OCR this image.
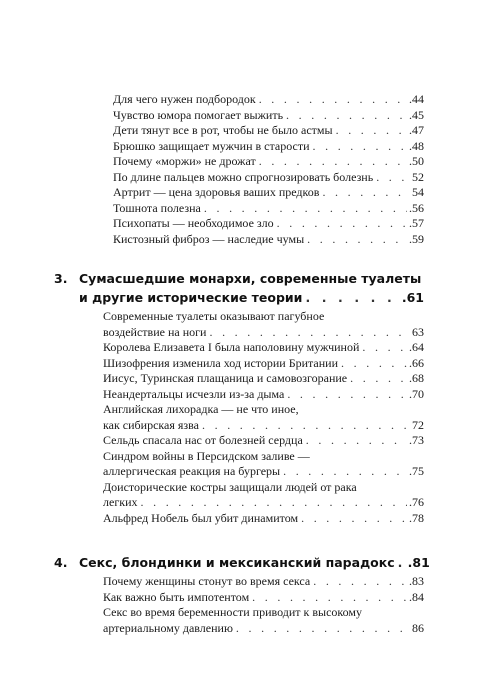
Для чего нужен подбородок . . .	.44
Чувство юмора помогает выжить . . .	.45
Дети тянут все в рот, чтобы не было астмы . . .	.47
Брюшко защищает мужчин в старости . . .	.48
Почему «моржи» не дрожат . . .	.50
По длине пальцев можно спрогнозировать болезнь . . .	52
Артрит — цена здоровья ваших предков . . .	54
Тошнота полезна . . .	.56
Психопаты — необходимое зло . . .	.57
Кистозный фиброз — наследие чумы . . .	.59
3. Сумасшедшие монархи, современные туалеты
и другие исторические теории . . .	.61
Современные туалеты оказывают пагубное
воздействие на ноги . . .	63
Королева Елизавета I была наполовину мужчиной . . .	.64
Шизофрения изменила ход истории Британии . . .	.66
Иисус, Туринская плащаница и самовозгорание . . .	.68
Неандертальцы исчезли из-за дыма . . .	.70
Английская лихорадка — не что иное,
как сибирская язва . . .	72
Сельдь спасала нас от болезней сердца . . .	.73
Синдром войны в Персидском заливе —
аллергическая реакция на бургеры . . .	.75
Доисторические костры защищали людей от рака
легких . . .	.76
Альфред Нобель был убит динамитом . . .	.78
4. Секс, блондинки и мексиканский парадокс . . . .81
Почему женщины стонут во время секса . . .	.83
Как важно быть импотентом . . .	.84
Секс во время беременности приводит к высокому
артериальному давлению . . .	86
